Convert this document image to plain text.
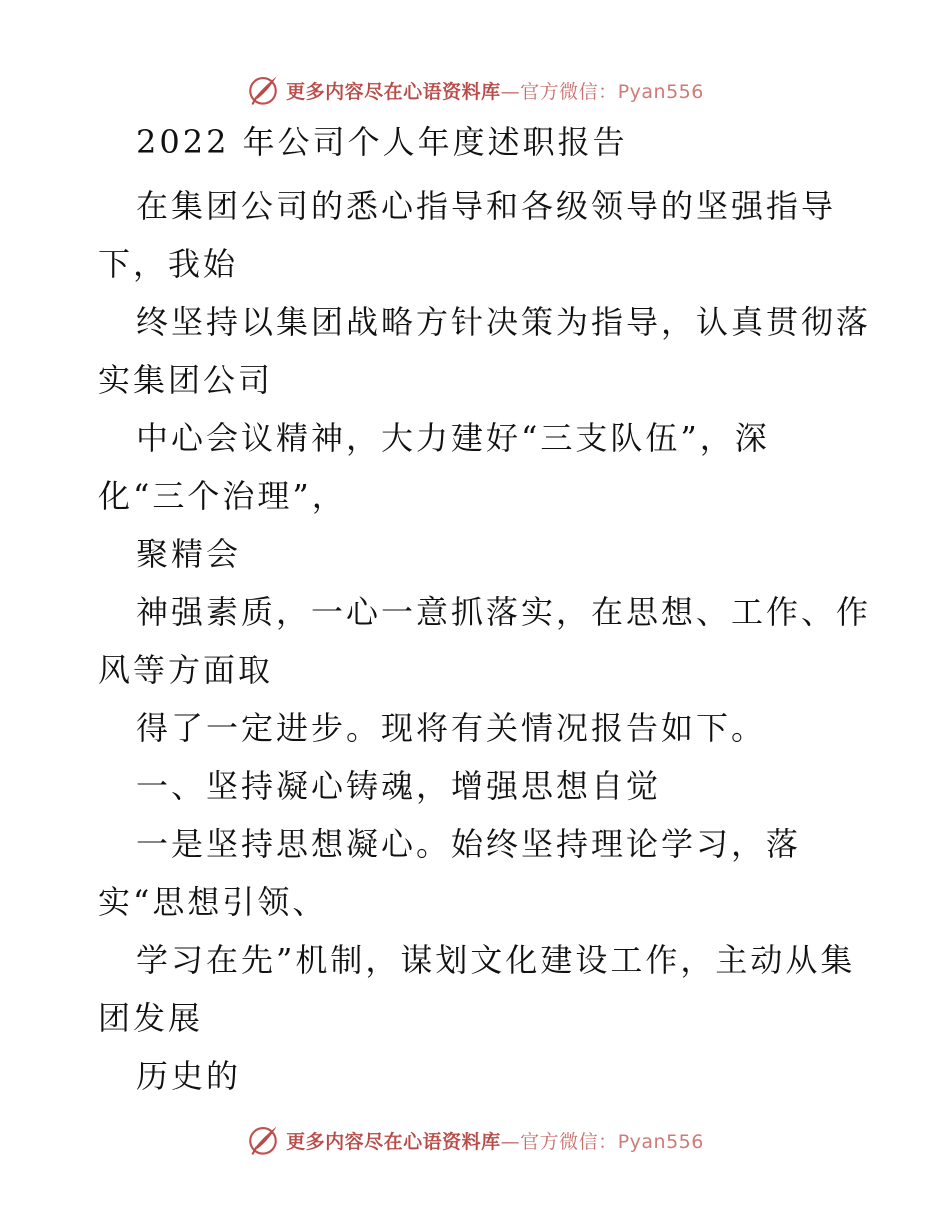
更多内容尽在心语资料库—官方微信：Pyan556
2022 年公司个人年度述职报告
在集团公司的悉心指导和各级领导的坚强指导
下，我始
终坚持以集团战略方针决策为指导，认真贯彻落
实集团公司
中心会议精神，大力建好“三支队伍”，深
化“三个治理”，
聚精会
神强素质，一心一意抓落实，在思想、工作、作
风等方面取
得了一定进步。现将有关情况报告如下。
一、坚持凝心铸魂，增强思想自觉
一是坚持思想凝心。始终坚持理论学习，落
实“思想引领、
学习在先”机制，谋划文化建设工作，主动从集
团发展
历史的
更多内容尽在心语资料库—官方微信：Pyan556
